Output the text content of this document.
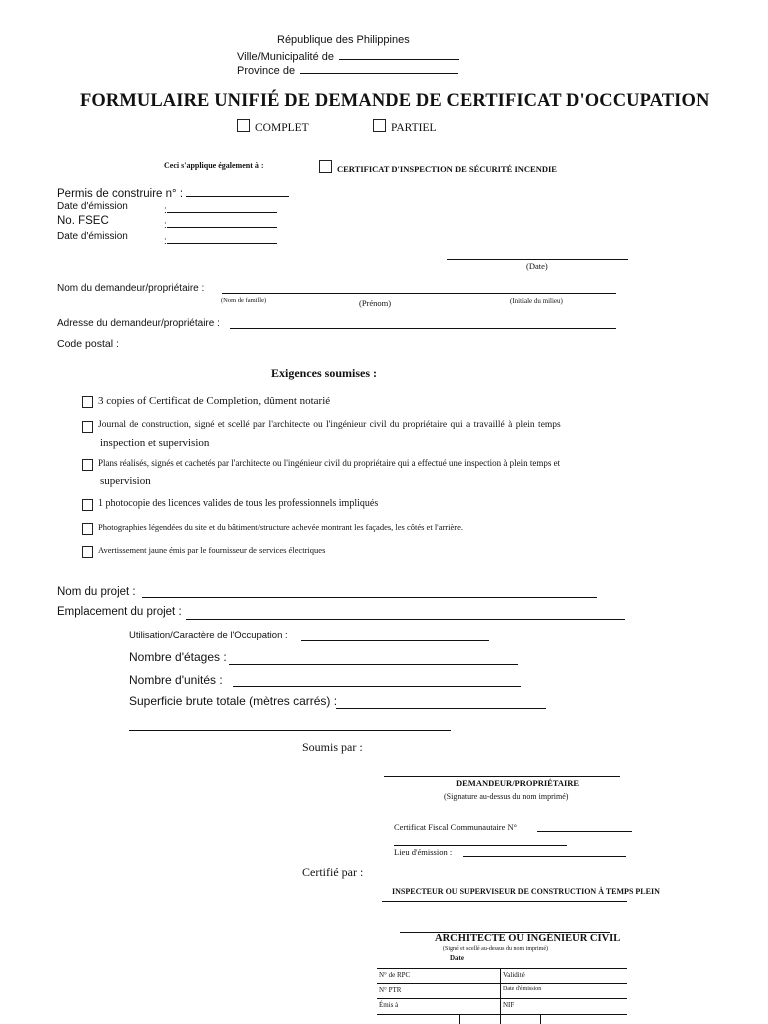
République des Philippines
Ville/Municipalité de
Province de
FORMULAIRE UNIFIÉ DE DEMANDE DE CERTIFICAT D'OCCUPATION
COMPLET	PARTIEL
Ceci s'applique également à :	CERTIFICAT D'INSPECTION DE SÉCURITÉ INCENDIE
Permis de construire n° :
Date d'émission	:
No. FSEC	:
Date d'émission	:
(Date)
Nom du demandeur/propriétaire :
(Nom de famille)	(Prénom)	(Initiale du milieu)
Adresse du demandeur/propriétaire :
Code postal :
Exigences soumises :
3 copies of Certificat de Completion, dûment notarié
Journal de construction, signé et scellé par l'architecte ou l'ingénieur civil du propriétaire qui a travaillé à plein temps
inspection et supervision
Plans réalisés, signés et cachetés par l'architecte ou l'ingénieur civil du propriétaire qui a effectué une inspection à plein temps et
supervision
1 photocopie des licences valides de tous les professionnels impliqués
Photographies légendées du site et du bâtiment/structure achevée montrant les façades, les côtés et l'arrière.
Avertissement jaune émis par le fournisseur de services électriques
Nom du projet :
Emplacement du projet :
Utilisation/Caractère de l'Occupation :
Nombre d'étages :
Nombre d'unités :
Superficie brute totale (mètres carrés) :
Soumis par :
DEMANDEUR/PROPRIÉTAIRE
(Signature au-dessus du nom imprimé)
Certificat Fiscal Communautaire N°
Lieu d'émission :
Certifié par :
INSPECTEUR OU SUPERVISEUR DE CONSTRUCTION À TEMPS PLEIN
ARCHITECTE OU INGÉNIEUR CIVIL
(Signé et scellé au-dessus du nom imprimé)
Date
N° de RPC	Validité
N° PTR	Date d'émission
Émis à	NIF
